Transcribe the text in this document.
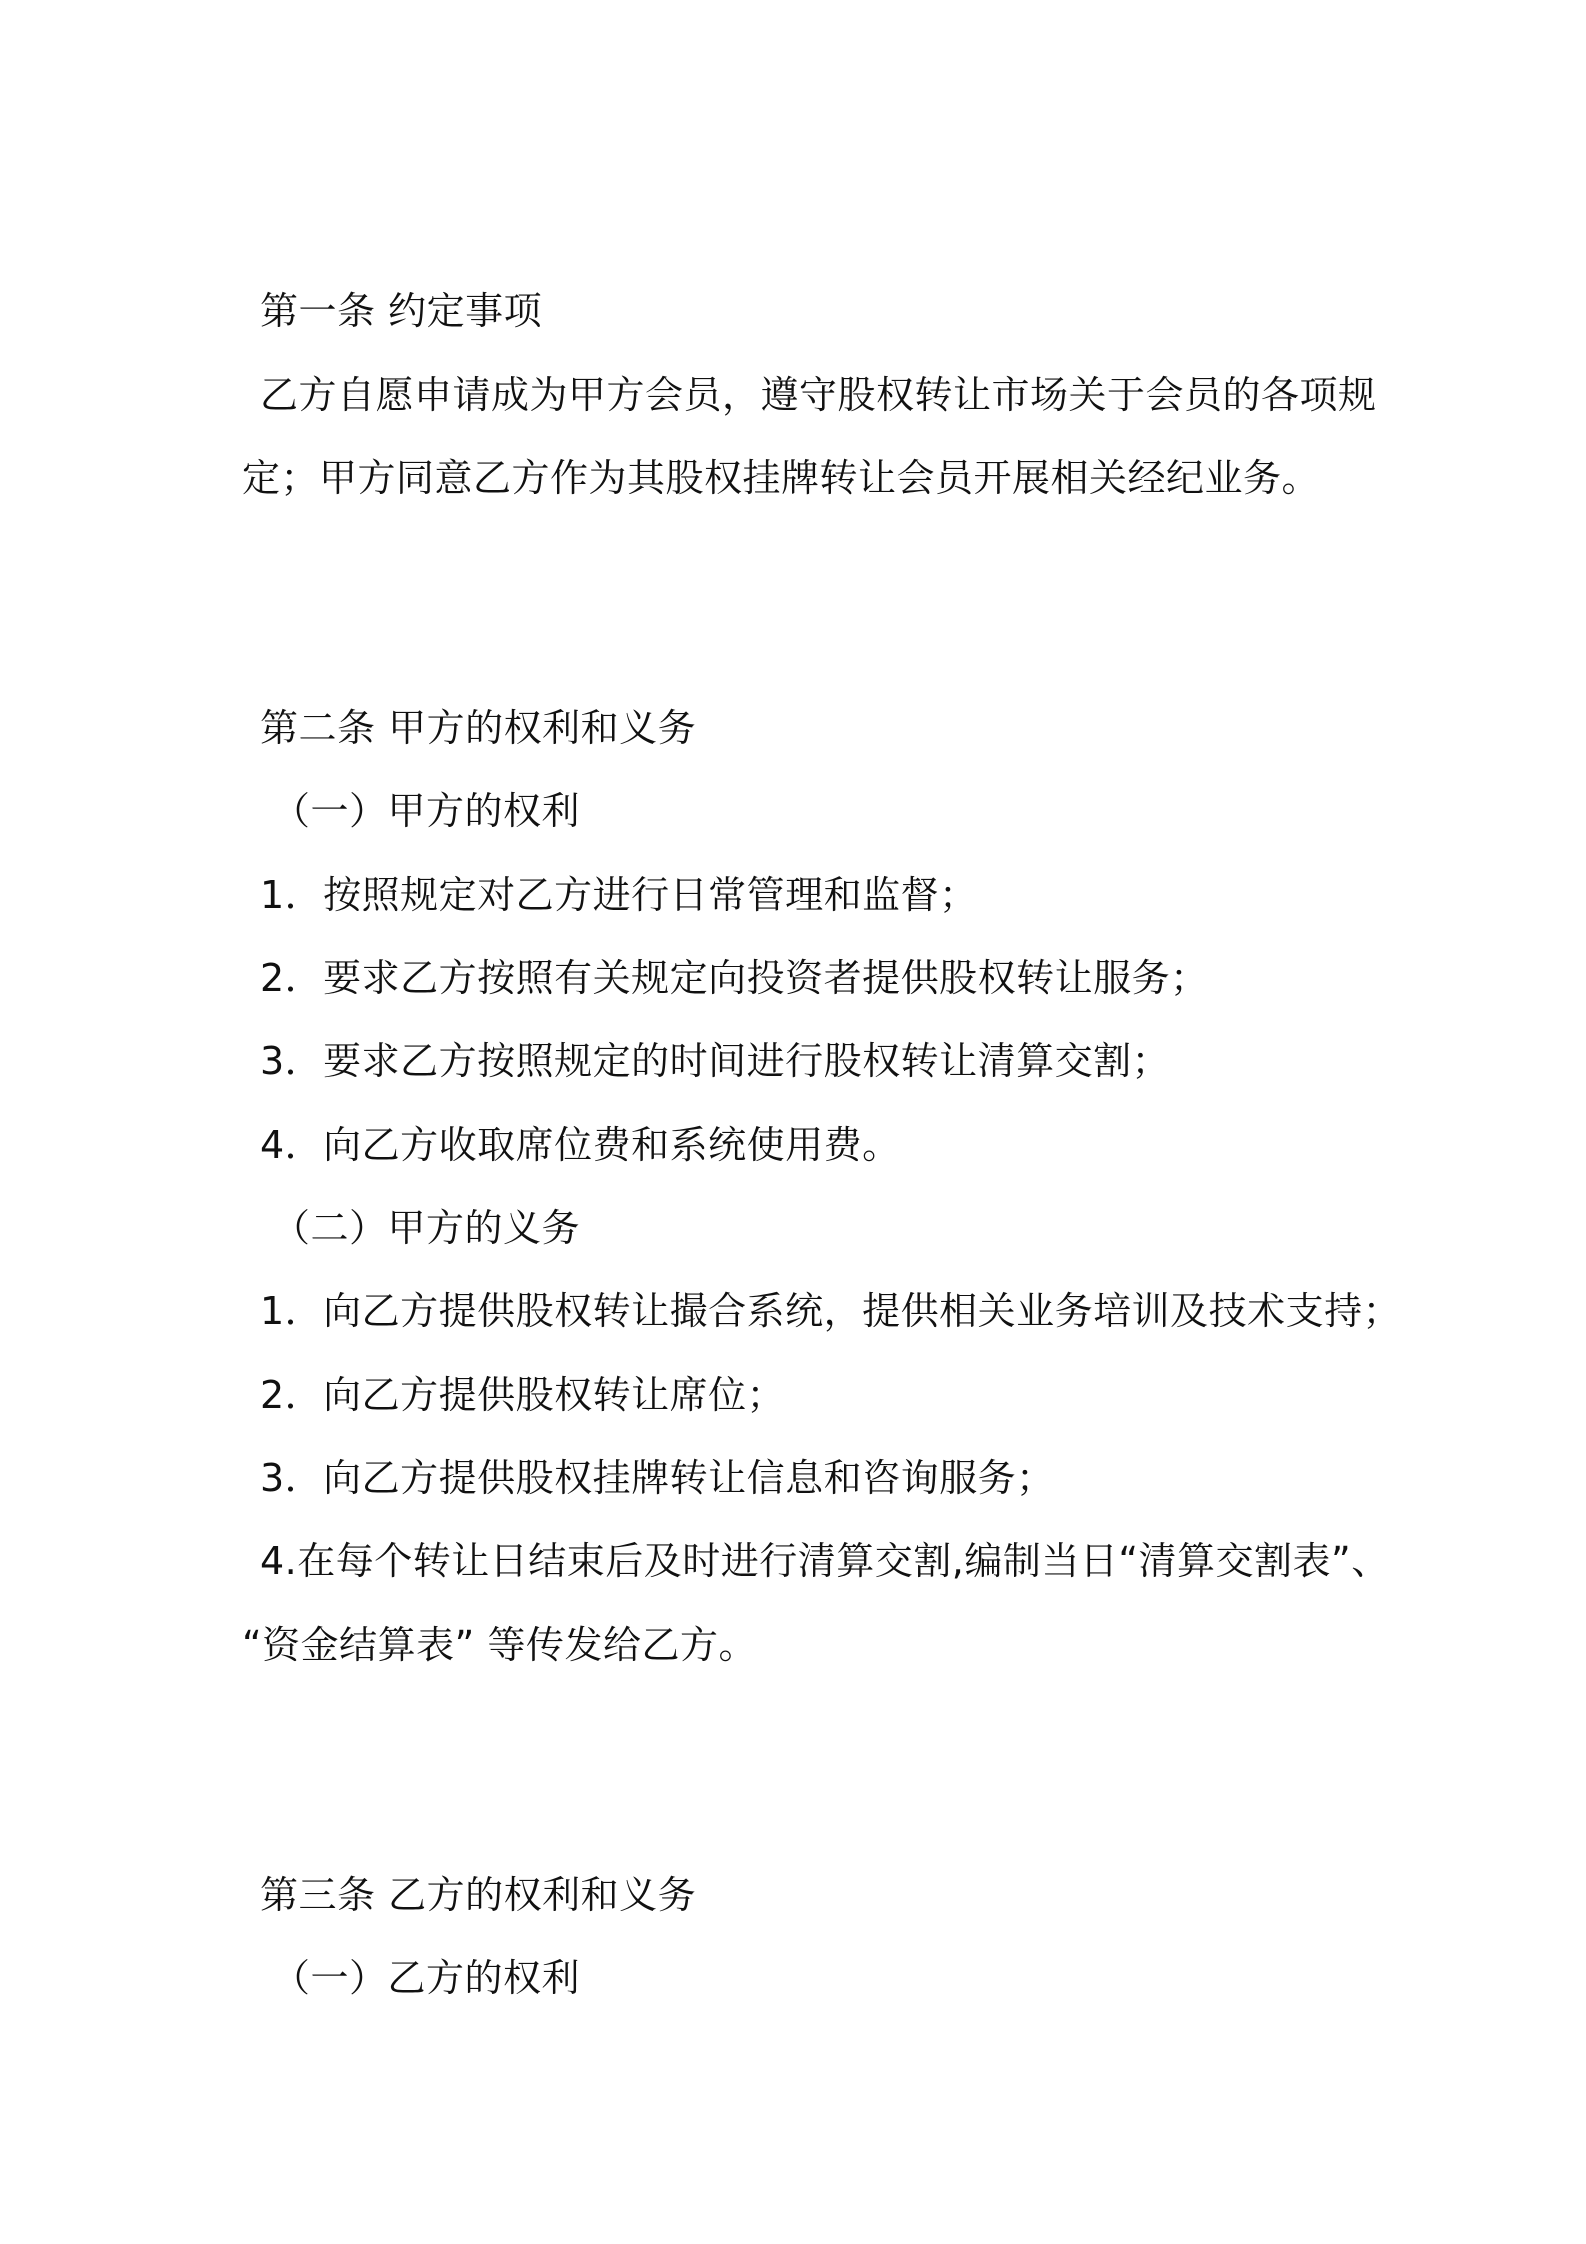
第一条 约定事项
乙方自愿申请成为甲方会员，遵守股权转让市场关于会员的各项规
定；甲方同意乙方作为其股权挂牌转让会员开展相关经纪业务。
第二条 甲方的权利和义务
（一）甲方的权利
1．按照规定对乙方进行日常管理和监督；
2．要求乙方按照有关规定向投资者提供股权转让服务；
3．要求乙方按照规定的时间进行股权转让清算交割；
4．向乙方收取席位费和系统使用费。
（二）甲方的义务
1．向乙方提供股权转让撮合系统，提供相关业务培训及技术支持；
2．向乙方提供股权转让席位；
3．向乙方提供股权挂牌转让信息和咨询服务；
4.在每个转让日结束后及时进行清算交割,编制当日“清算交割表”、
“资金结算表” 等传发给乙方。
第三条 乙方的权利和义务
（一）乙方的权利
